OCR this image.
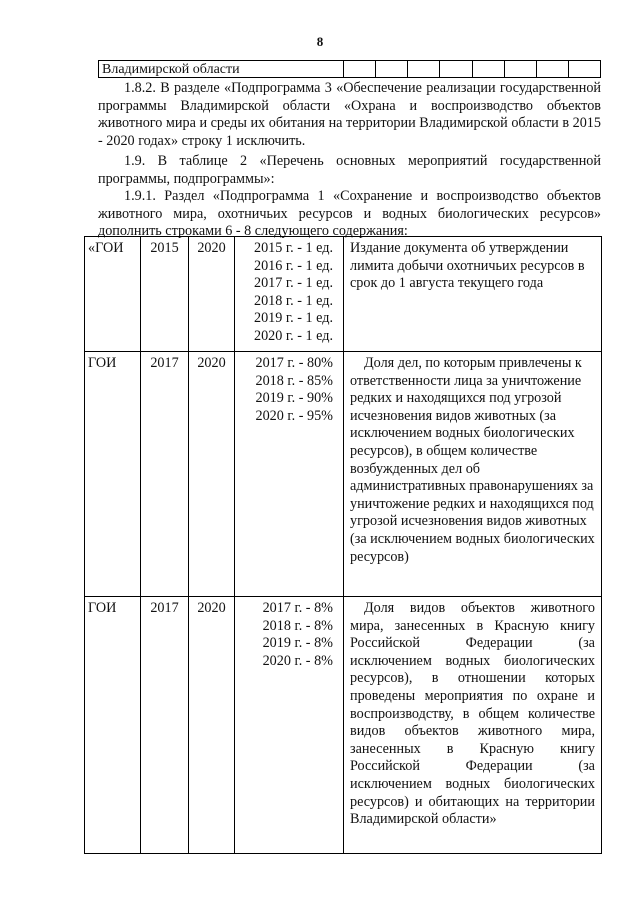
8
Владимирской области
1.8.2. В разделе «Подпрограмма 3 «Обеспечение реализации государственной программы Владимирской области «Охрана и воспроизводство объектов животного мира и среды их обитания на территории Владимирской области в 2015 - 2020 годах» строку 1 исключить.
1.9. В таблице 2 «Перечень основных мероприятий государственной программы, подпрограммы»:
1.9.1. Раздел «Подпрограмма 1 «Сохранение и воспроизводство объектов животного мира, охотничьих ресурсов и водных биологических ресурсов» дополнить строками 6 - 8 следующего содержания:
«ГОИ	2015	2020	2015 г. - 1 ед.
2016 г. - 1 ед.
2017 г. - 1 ед.
2018 г. - 1 ед.
2019 г. - 1 ед.
2020 г. - 1 ед.
Издание документа об утверждении лимита добычи охотничьих ресурсов в срок до 1 августа текущего года
ГОИ	2017	2020	2017 г. - 80%
2018 г. - 85%
2019 г. - 90%
2020 г. - 95%
Доля дел, по которым привлечены к ответственности лица за уничтожение редких и находящихся под угрозой исчезновения видов животных (за исключением водных биологических ресурсов), в общем количестве возбужденных дел об административных правонарушениях за уничтожение редких и находящихся под угрозой исчезновения видов животных (за исключением водных биологических ресурсов)
ГОИ	2017	2020	2017 г. - 8%
2018 г. - 8%
2019 г. - 8%
2020 г. - 8%
Доля видов объектов животного мира, занесенных в Красную книгу Российской Федерации (за исключением водных биологических ресурсов), в отношении которых проведены мероприятия по охране и воспроизводству, в общем количестве видов объектов животного мира, занесенных в Красную книгу Российской Федерации (за исключением водных биологических ресурсов) и обитающих на территории Владимирской области»
